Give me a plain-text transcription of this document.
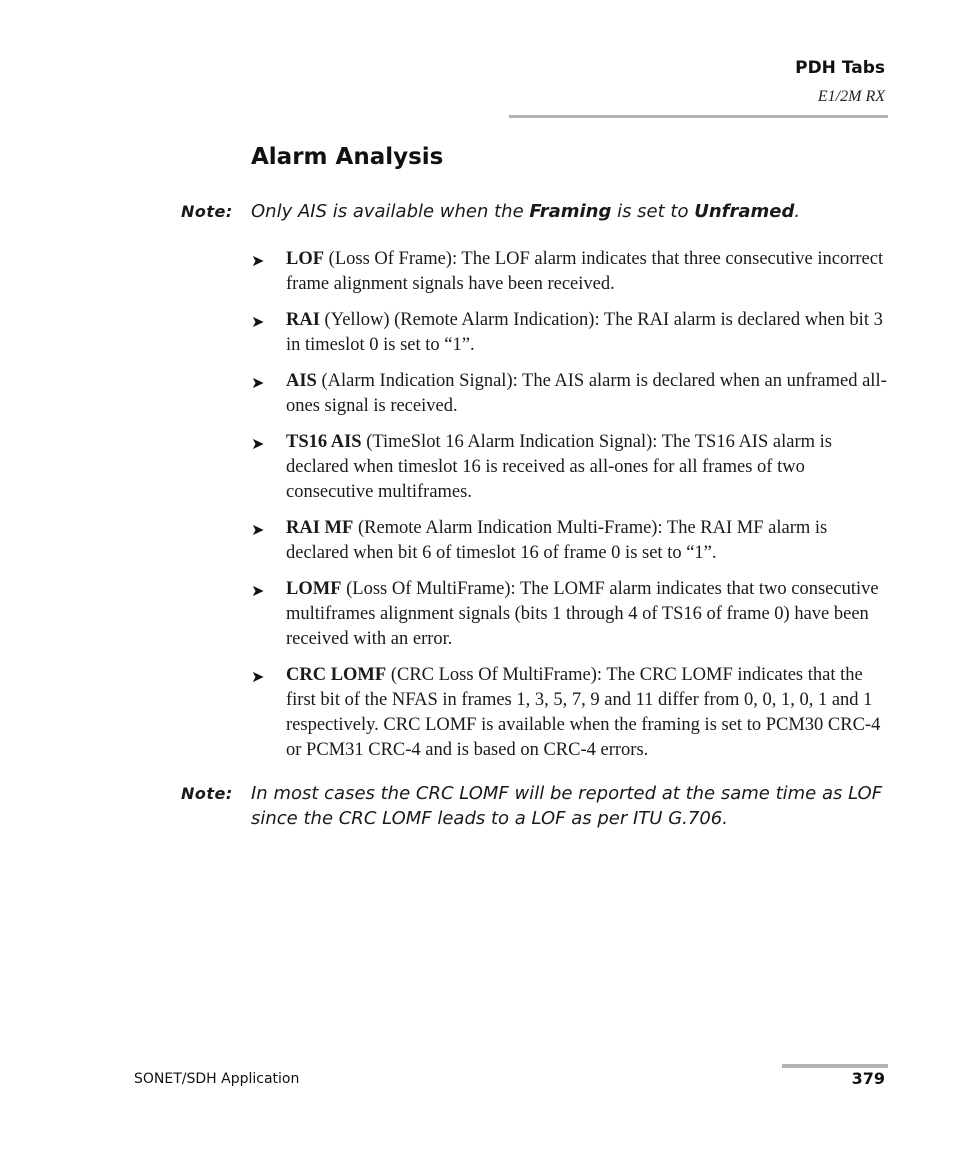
PDH Tabs
E1/2M RX
Alarm Analysis
Note: Only AIS is available when the Framing is set to Unframed.
➤ LOF (Loss Of Frame): The LOF alarm indicates that three consecutive incorrect frame alignment signals have been received.
➤ RAI (Yellow) (Remote Alarm Indication): The RAI alarm is declared when bit 3 in timeslot 0 is set to “1”.
➤ AIS (Alarm Indication Signal): The AIS alarm is declared when an unframed all-ones signal is received.
➤ TS16 AIS (TimeSlot 16 Alarm Indication Signal): The TS16 AIS alarm is declared when timeslot 16 is received as all-ones for all frames of two consecutive multiframes.
➤ RAI MF (Remote Alarm Indication Multi-Frame): The RAI MF alarm is declared when bit 6 of timeslot 16 of frame 0 is set to “1”.
➤ LOMF (Loss Of MultiFrame): The LOMF alarm indicates that two consecutive multiframes alignment signals (bits 1 through 4 of TS16 of frame 0) have been received with an error.
➤ CRC LOMF (CRC Loss Of MultiFrame): The CRC LOMF indicates that the first bit of the NFAS in frames 1, 3, 5, 7, 9 and 11 differ from 0, 0, 1, 0, 1 and 1 respectively. CRC LOMF is available when the framing is set to PCM30 CRC-4 or PCM31 CRC-4 and is based on CRC-4 errors.
Note: In most cases the CRC LOMF will be reported at the same time as LOF since the CRC LOMF leads to a LOF as per ITU G.706.
SONET/SDH Application	379
